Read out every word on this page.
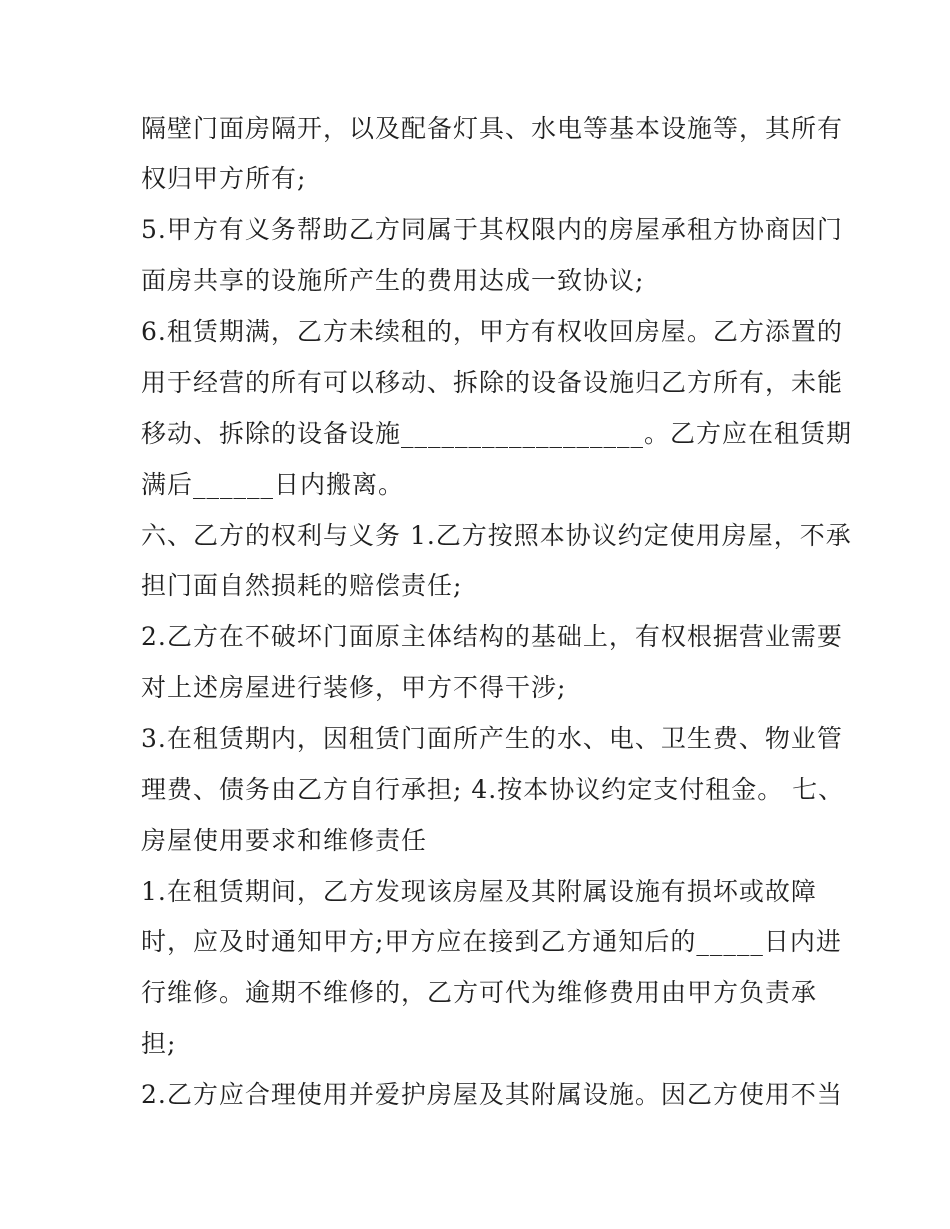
隔壁门面房隔开，以及配备灯具、水电等基本设施等，其所有
权归甲方所有;
5.甲方有义务帮助乙方同属于其权限内的房屋承租方协商因门
面房共享的设施所产生的费用达成一致协议;
6.租赁期满，乙方未续租的，甲方有权收回房屋。乙方添置的
用于经营的所有可以移动、拆除的设备设施归乙方所有，未能
移动、拆除的设备设施__________________。乙方应在租赁期
满后______日内搬离。
六、乙方的权利与义务 1.乙方按照本协议约定使用房屋，不承
担门面自然损耗的赔偿责任;
2.乙方在不破坏门面原主体结构的基础上，有权根据营业需要
对上述房屋进行装修，甲方不得干涉;
3.在租赁期内，因租赁门面所产生的水、电、卫生费、物业管
理费、债务由乙方自行承担; 4.按本协议约定支付租金。 七、
房屋使用要求和维修责任
1.在租赁期间，乙方发现该房屋及其附属设施有损坏或故障
时，应及时通知甲方;甲方应在接到乙方通知后的_____日内进
行维修。逾期不维修的，乙方可代为维修费用由甲方负责承
担;
2.乙方应合理使用并爱护房屋及其附属设施。因乙方使用不当
